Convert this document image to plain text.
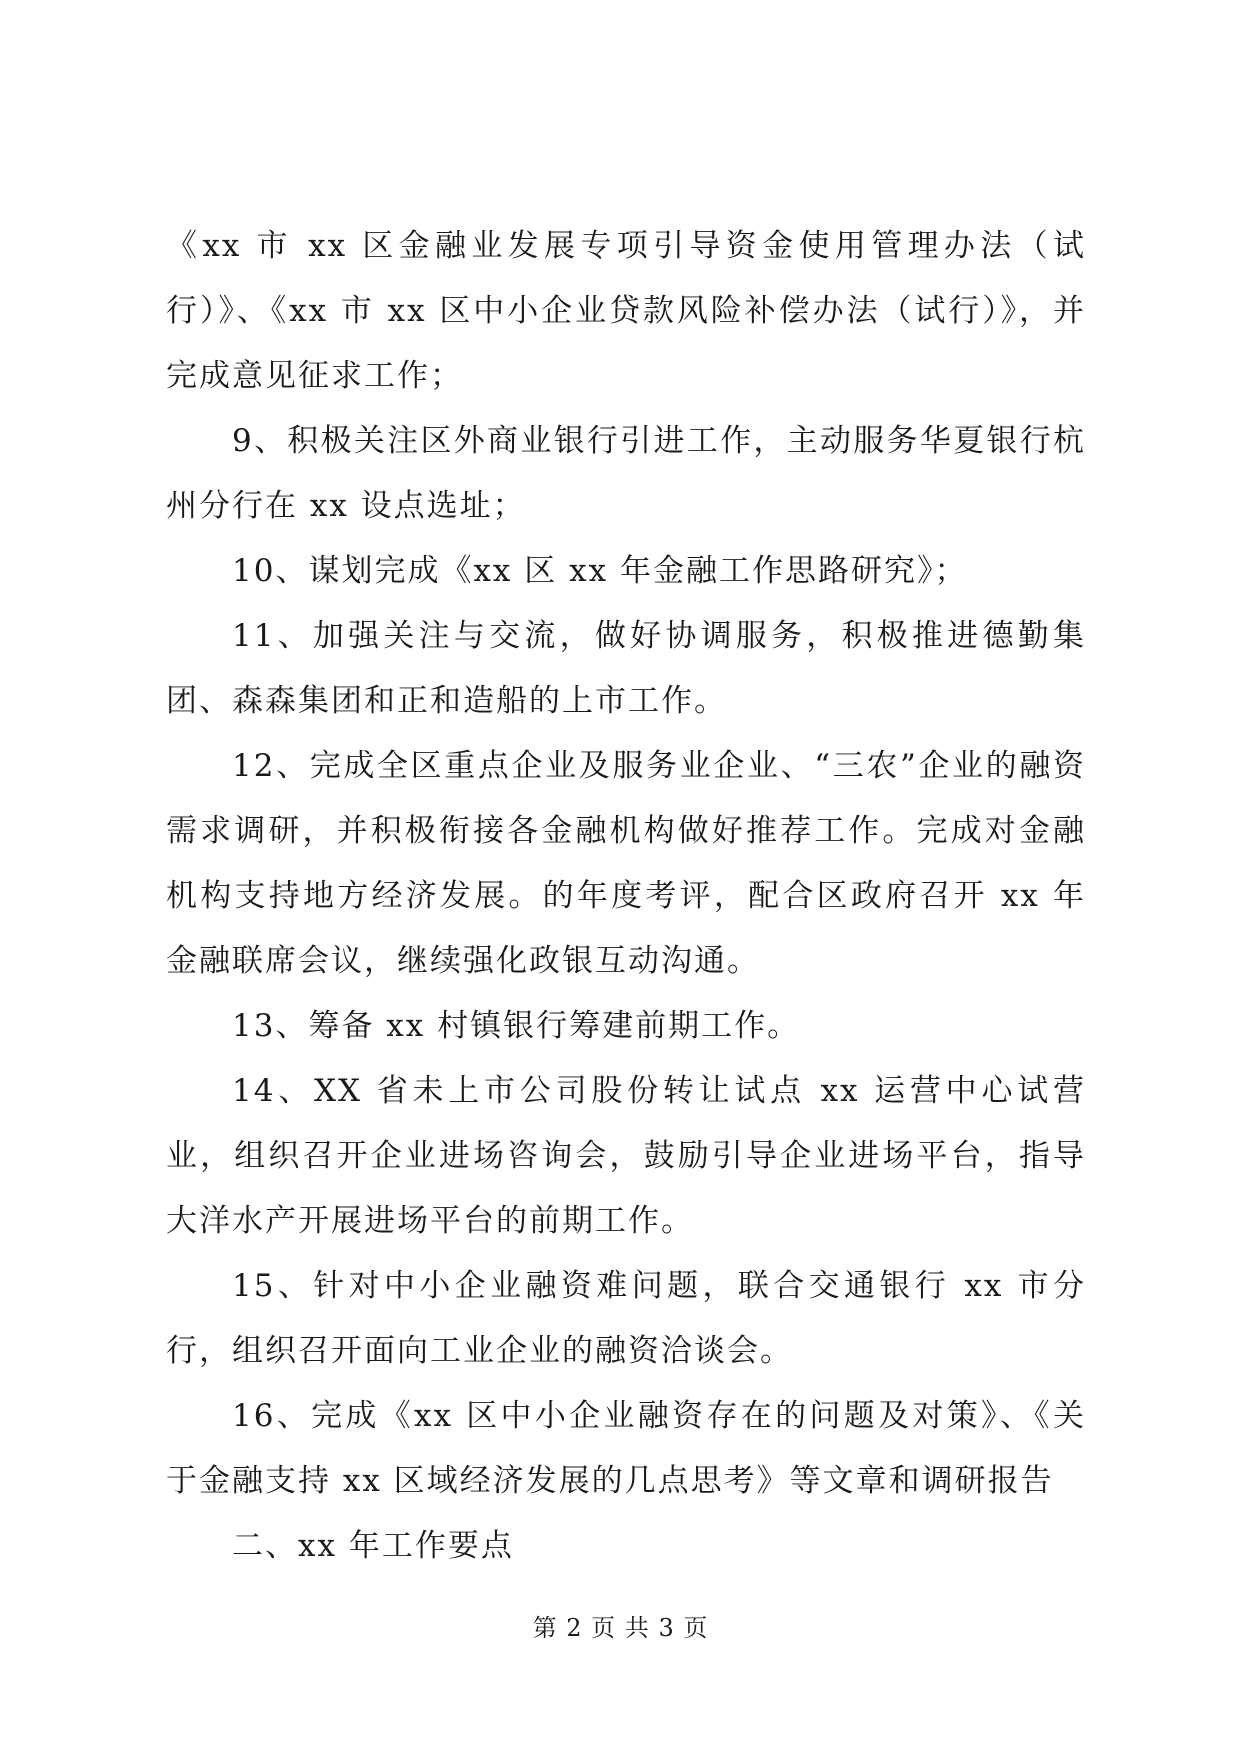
《xx 市 xx 区金融业发展专项引导资金使用管理办法（试行）》、《xx 市 xx 区中小企业贷款风险补偿办法（试行）》，并完成意见征求工作；

9、积极关注区外商业银行引进工作，主动服务华夏银行杭州分行在 xx 设点选址；

10、谋划完成《xx 区 xx 年金融工作思路研究》；

11、加强关注与交流，做好协调服务，积极推进德勤集团、森森集团和正和造船的上市工作。

12、完成全区重点企业及服务业企业、“三农”企业的融资需求调研，并积极衔接各金融机构做好推荐工作。完成对金融机构支持地方经济发展。的年度考评，配合区政府召开 xx 年金融联席会议，继续强化政银互动沟通。

13、筹备 xx 村镇银行筹建前期工作。

14、XX 省未上市公司股份转让试点 xx 运营中心试营业，组织召开企业进场咨询会，鼓励引导企业进场平台，指导大洋水产开展进场平台的前期工作。

15、针对中小企业融资难问题，联合交通银行 xx 市分行，组织召开面向工业企业的融资洽谈会。

16、完成《xx 区中小企业融资存在的问题及对策》、《关于金融支持 xx 区域经济发展的几点思考》等文章和调研报告

二、xx 年工作要点

第 2 页 共 3 页
